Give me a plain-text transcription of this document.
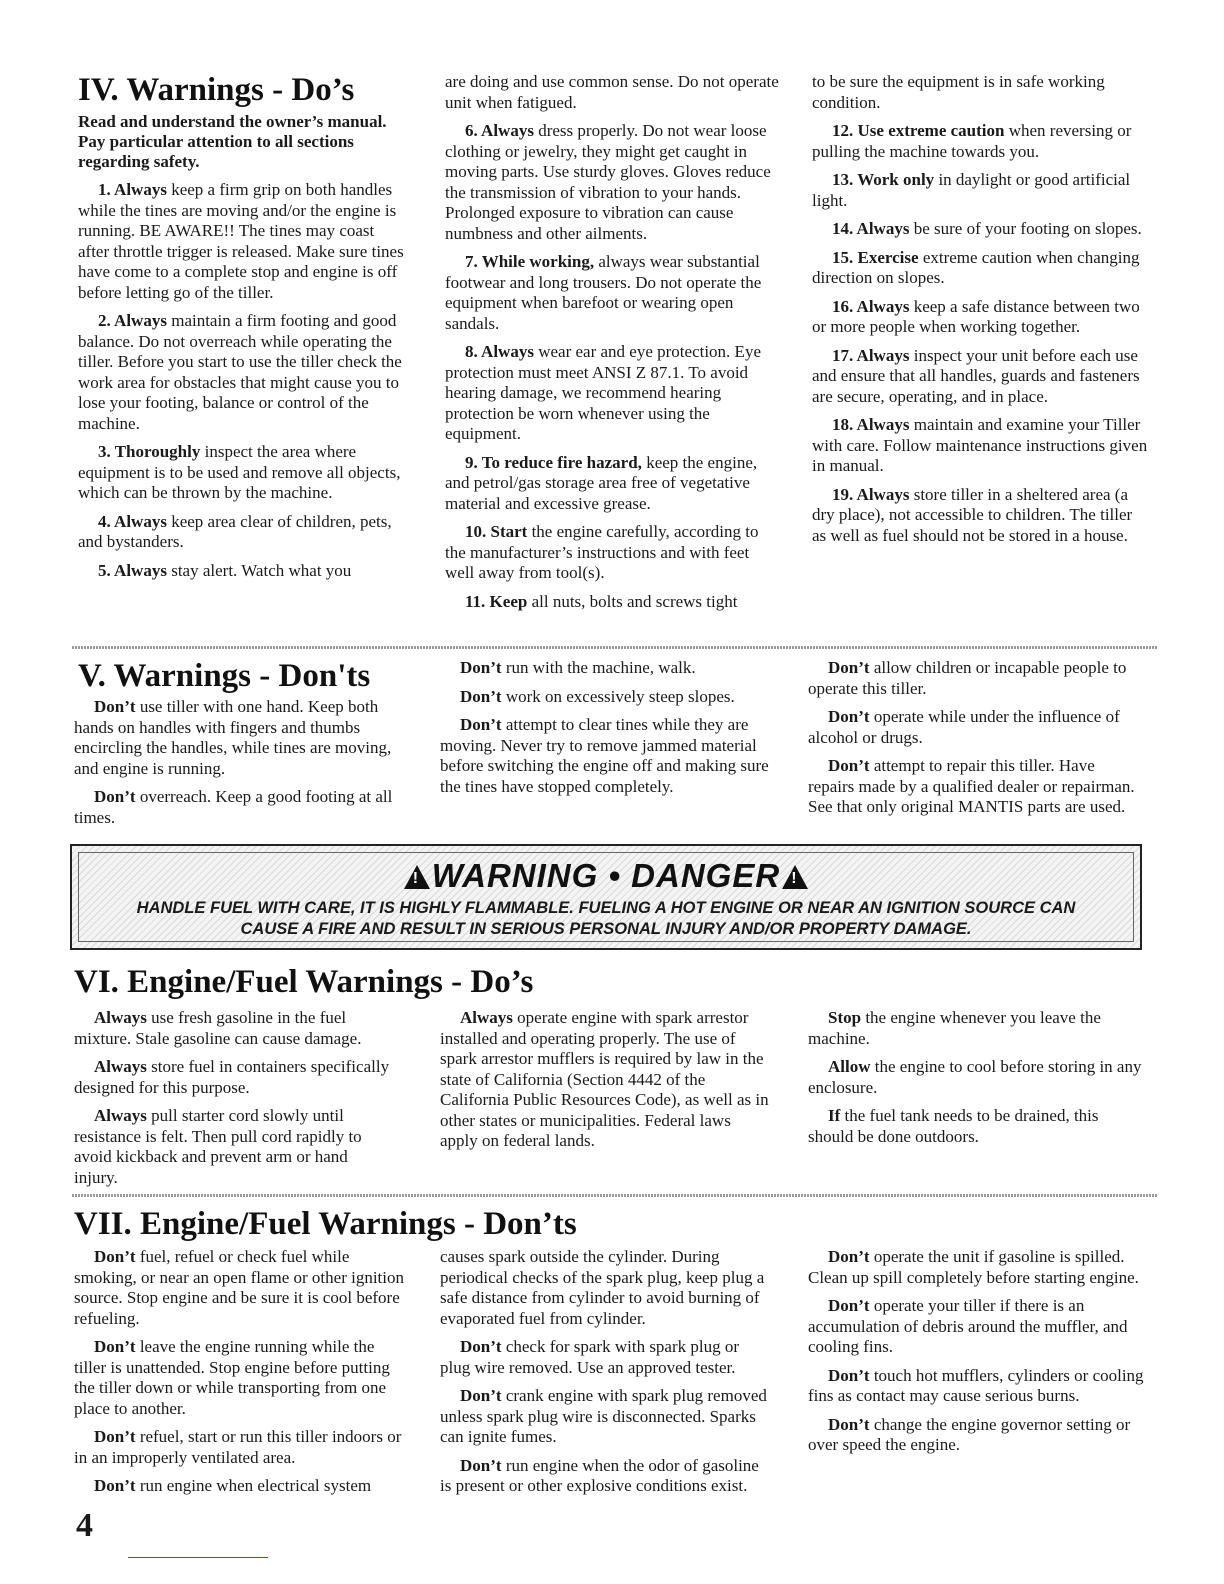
IV. Warnings - Do’s

Read and understand the owner’s manual. Pay particular attention to all sections regarding safety.

1. Always keep a firm grip on both handles while the tines are moving and/or the engine is running. BE AWARE!! The tines may coast after throttle trigger is released. Make sure tines have come to a complete stop and engine is off before letting go of the tiller.

2. Always maintain a firm footing and good balance. Do not overreach while operating the tiller. Before you start to use the tiller check the work area for obstacles that might cause you to lose your footing, balance or control of the machine.

3. Thoroughly inspect the area where equipment is to be used and remove all objects, which can be thrown by the machine.

4. Always keep area clear of children, pets, and bystanders.

5. Always stay alert. Watch what you

are doing and use common sense. Do not operate unit when fatigued.

6. Always dress properly. Do not wear loose clothing or jewelry, they might get caught in moving parts. Use sturdy gloves. Gloves reduce the transmission of vibration to your hands. Prolonged exposure to vibration can cause numbness and other ailments.

7. While working, always wear substantial footwear and long trousers. Do not operate the equipment when barefoot or wearing open sandals.

8. Always wear ear and eye protection. Eye protection must meet ANSI Z 87.1. To avoid hearing damage, we recommend hearing protection be worn whenever using the equipment.

9. To reduce fire hazard, keep the engine, and petrol/gas storage area free of vegetative material and excessive grease.

10. Start the engine carefully, according to the manufacturer’s instructions and with feet well away from tool(s).

11. Keep all nuts, bolts and screws tight

to be sure the equipment is in safe working condition.

12. Use extreme caution when reversing or pulling the machine towards you.

13. Work only in daylight or good artificial light.

14. Always be sure of your footing on slopes.

15. Exercise extreme caution when changing direction on slopes.

16. Always keep a safe distance between two or more people when working together.

17. Always inspect your unit before each use and ensure that all handles, guards and fasteners are secure, operating, and in place.

18. Always maintain and examine your Tiller with care. Follow maintenance instructions given in manual.

19. Always store tiller in a sheltered area (a dry place), not accessible to children. The tiller as well as fuel should not be stored in a house.

V. Warnings - Don'ts

Don’t use tiller with one hand. Keep both hands on handles with fingers and thumbs encircling the handles, while tines are moving, and engine is running.

Don’t overreach. Keep a good footing at all times.

Don’t run with the machine, walk.

Don’t work on excessively steep slopes.

Don’t attempt to clear tines while they are moving. Never try to remove jammed material before switching the engine off and making sure the tines have stopped completely.

Don’t allow children or incapable people to operate this tiller.

Don’t operate while under the influence of alcohol or drugs.

Don’t attempt to repair this tiller. Have repairs made by a qualified dealer or repairman. See that only original MANTIS parts are used.

!WARNING • DANGER!
HANDLE FUEL WITH CARE, IT IS HIGHLY FLAMMABLE. FUELING A HOT ENGINE OR NEAR AN IGNITION SOURCE CAN
CAUSE A FIRE AND RESULT IN SERIOUS PERSONAL INJURY AND/OR PROPERTY DAMAGE.
VI. Engine/Fuel Warnings - Do’s

Always use fresh gasoline in the fuel mixture. Stale gasoline can cause damage.

Always store fuel in containers specifically designed for this purpose.

Always pull starter cord slowly until resistance is felt. Then pull cord rapidly to avoid kickback and prevent arm or hand injury.

Always operate engine with spark arrestor installed and operating properly. The use of spark arrestor mufflers is required by law in the state of California (Section 4442 of the California Public Resources Code), as well as in other states or municipalities. Federal laws apply on federal lands.

Stop the engine whenever you leave the machine.

Allow the engine to cool before storing in any enclosure.

If the fuel tank needs to be drained, this should be done outdoors.

VII. Engine/Fuel Warnings - Don’ts

Don’t fuel, refuel or check fuel while smoking, or near an open flame or other ignition source. Stop engine and be sure it is cool before refueling.

Don’t leave the engine running while the tiller is unattended. Stop engine before putting the tiller down or while transporting from one place to another.

Don’t refuel, start or run this tiller indoors or in an improperly ventilated area.

Don’t run engine when electrical system

causes spark outside the cylinder. During periodical checks of the spark plug, keep plug a safe distance from cylinder to avoid burning of evaporated fuel from cylinder.

Don’t check for spark with spark plug or plug wire removed. Use an approved tester.

Don’t crank engine with spark plug removed unless spark plug wire is disconnected. Sparks can ignite fumes.

Don’t run engine when the odor of gasoline is present or other explosive conditions exist.

Don’t operate the unit if gasoline is spilled. Clean up spill completely before starting engine.

Don’t operate your tiller if there is an accumulation of debris around the muffler, and cooling fins.

Don’t touch hot mufflers, cylinders or cooling fins as contact may cause serious burns.

Don’t change the engine governor setting or over speed the engine.

4
